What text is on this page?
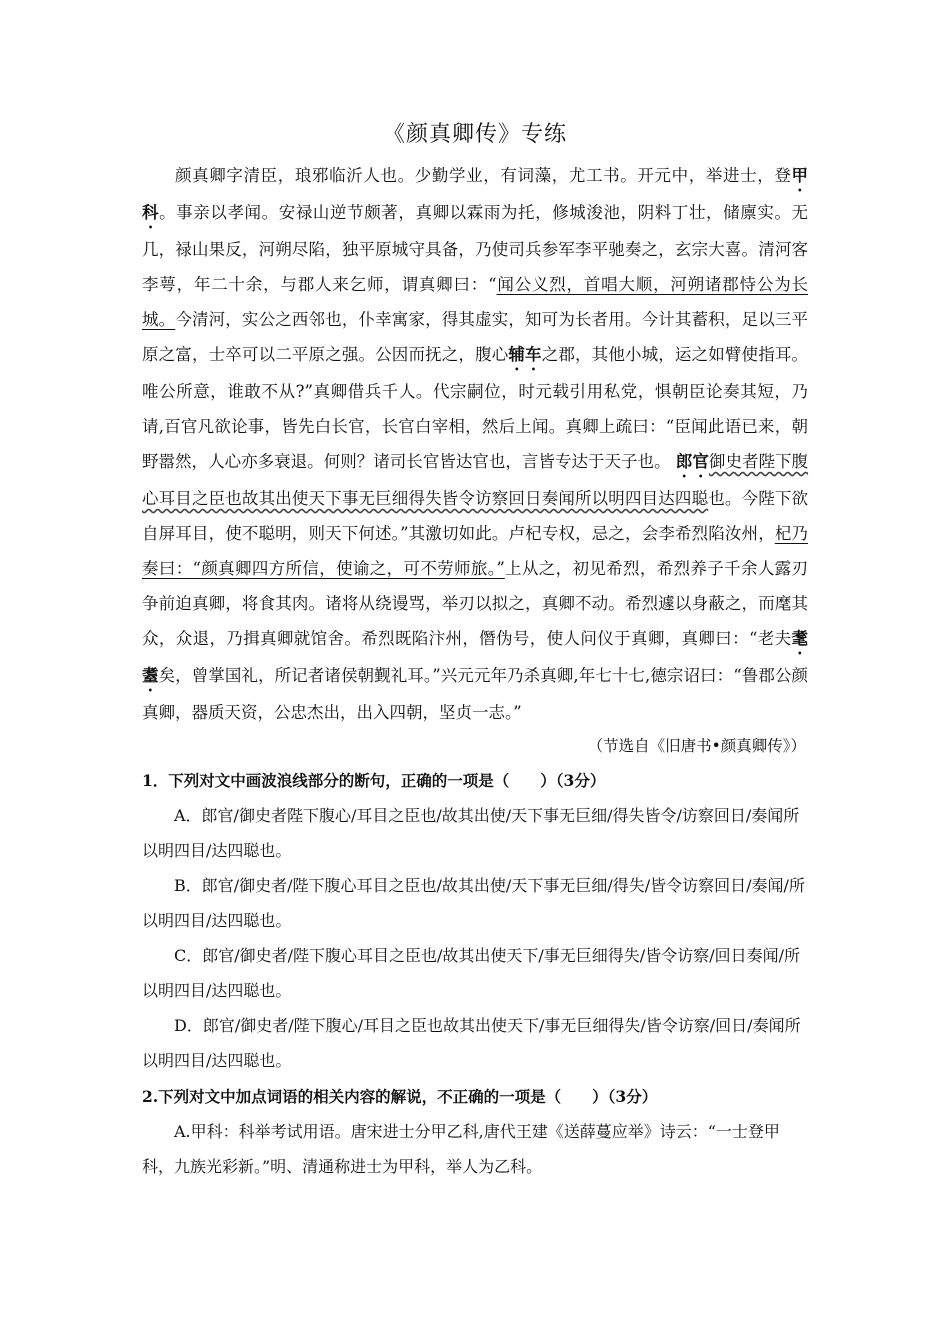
《颜真卿传》专练

颜真卿字清臣，琅邪临沂人也。少勤学业，有词藻，尤工书。开元中，举进士，登甲科。事亲以孝闻。安禄山逆节颇著，真卿以霖雨为托，修城浚池，阴料丁壮，储廪实。无几，禄山果反，河朔尽陷，独平原城守具备，乃使司兵参军李平驰奏之，玄宗大喜。清河客李萼，年二十余，与郡人来乞师，谓真卿曰：“闻公义烈，首唱大顺，河朔诸郡恃公为长城。今清河，实公之西邻也，仆幸寓家，得其虚实，知可为长者用。今计其蓄积，足以三平原之富，士卒可以二平原之强。公因而抚之，腹心辅车之郡，其他小城，运之如臂使指耳。唯公所意，谁敢不从?”真卿借兵千人。代宗嗣位，时元载引用私党，惧朝臣论奏其短，乃请,百官凡欲论事，皆先白长官，长官白宰相，然后上闻。真卿上疏曰：“臣闻此语已来，朝野嚣然，人心亦多衰退。何则？诸司长官皆达官也，言皆专达于天子也。 郎官御史者陛下腹心耳目之臣也故其出使天下事无巨细得失皆令访察回日奏闻所以明四目达四聪也。今陛下欲自屏耳目，使不聪明，则天下何述。”其激切如此。卢杞专权，忌之，会李希烈陷汝州，杞乃奏曰：“颜真卿四方所信，使谕之，可不劳师旅。”上从之，初见希烈，希烈养子千余人露刃争前迫真卿，将食其肉。诸将从绕谩骂，举刃以拟之，真卿不动。希烈遽以身蔽之，而麾其众，众退，乃揖真卿就馆舍。希烈既陷汴州，僭伪号，使人问仪于真卿，真卿曰：“老夫耄耋矣，曾掌国礼，所记者诸侯朝觐礼耳。”兴元元年乃杀真卿,年七十七,德宗诏曰：“鲁郡公颜真卿，器质天资，公忠杰出，出入四朝，坚贞一志。”

（节选自《旧唐书•颜真卿传》）

1．下列对文中画波浪线部分的断句，正确的一项是（　　）（3分）

A．郎官/御史者陛下腹心/耳目之臣也/故其出使/天下事无巨细/得失皆令/访察回日/奏闻所以明四目/达四聪也。

B．郎官/御史者/陛下腹心耳目之臣也/故其出使/天下事无巨细/得失/皆令访察回日/奏闻/所以明四目/达四聪也。

C．郎官/御史者/陛下腹心耳目之臣也/故其出使天下/事无巨细得失/皆令访察/回日奏闻/所以明四目/达四聪也。

D．郎官/御史者/陛下腹心/耳目之臣也故其出使天下/事无巨细得失/皆令访察/回日/奏闻所以明四目/达四聪也。

2.下列对文中加点词语的相关内容的解说，不正确的一项是（　　）（3分）

A.甲科：科举考试用语。唐宋进士分甲乙科,唐代王建《送薛蔓应举》诗云：“一士登甲科，九族光彩新。”明、清通称进士为甲科，举人为乙科。
